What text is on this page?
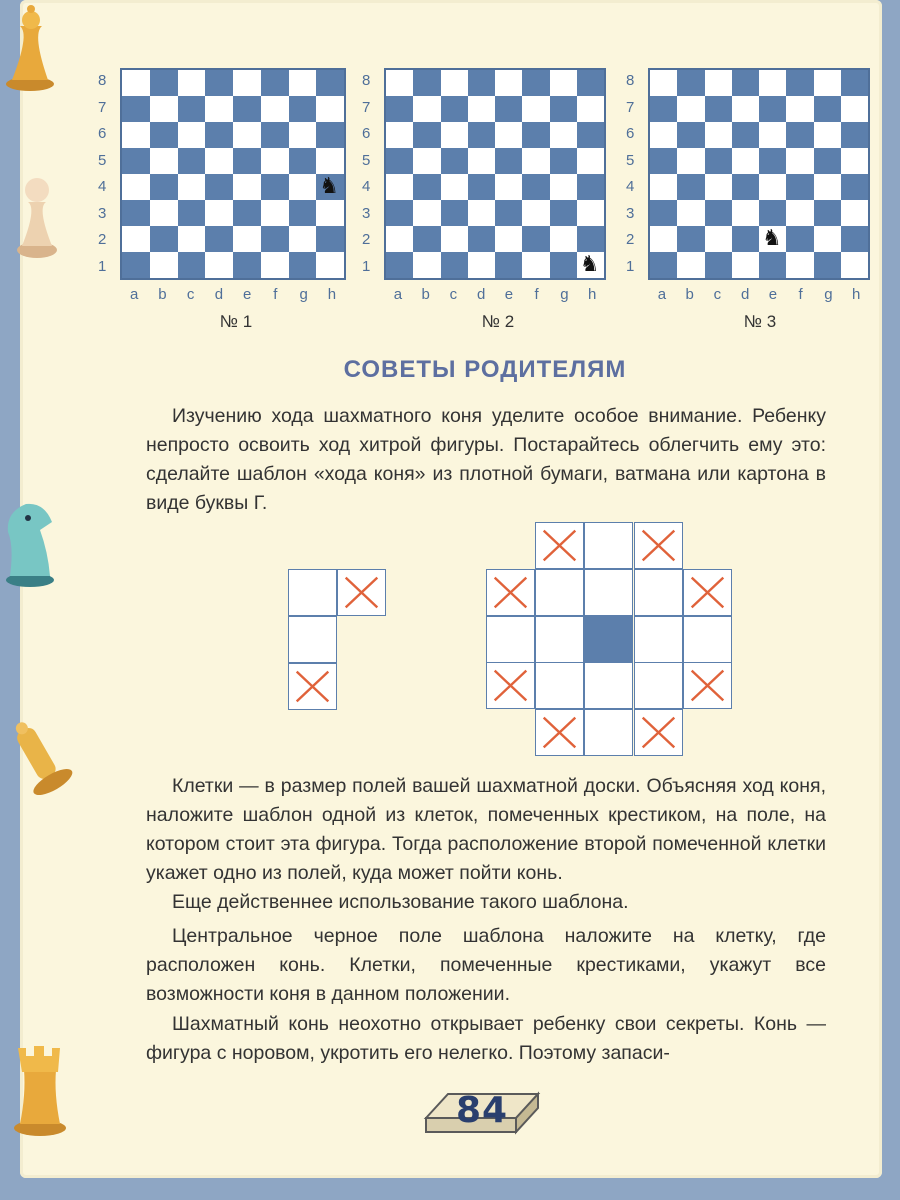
♞
№ 1
8
7
6
5
4
3
2
1
a	b	c	d	e	f	g	h
♞
№ 2
8
7
6
5
4
3
2
1
a	b	c	d	e	f	g	h
♞
№ 3
8
7
6
5
4
3
2
1
a	b	c	d	e	f	g	h
СОВЕТЫ РОДИТЕЛЯМ
Изучению хода шахматного коня уделите особое внимание. Ребенку непросто освоить ход хитрой фигуры. Постарайтесь облегчить ему это: сделайте шаблон «хода коня» из плотной бумаги, ватмана или картона в виде буквы Г.
Клетки — в размер полей вашей шахматной доски. Объясняя ход коня, наложите шаблон одной из клеток, помеченных крестиком, на поле, на котором стоит эта фигура. Тогда расположение второй помеченной клетки укажет одно из полей, куда может пойти конь.
Еще действеннее использование такого шаблона.
Центральное черное поле шаблона наложите на клетку, где расположен конь. Клетки, помеченные крестиками, укажут все возможности коня в данном положении.
Шахматный конь неохотно открывает ребенку свои секреты. Конь — фигура с норовом, укротить его нелегко. Поэтому запаси-
84
